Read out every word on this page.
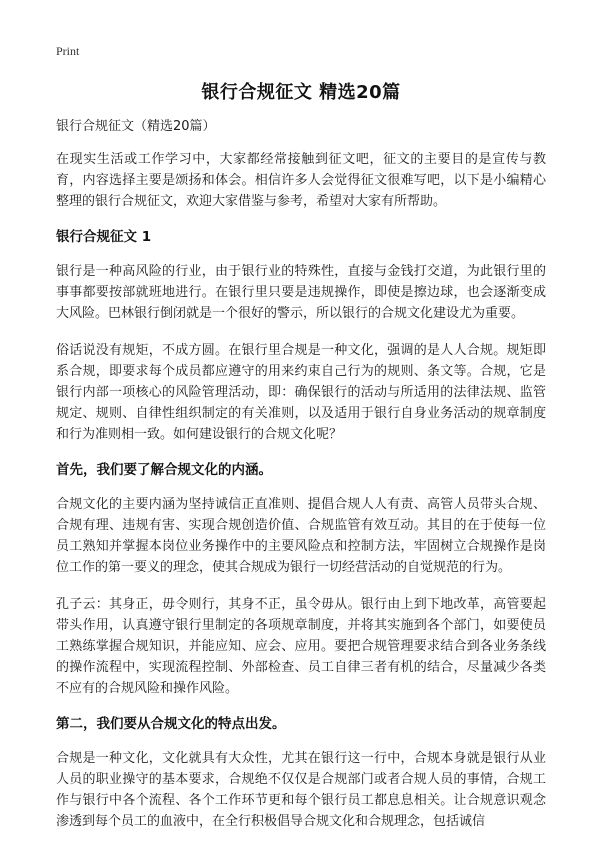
Print
银行合规征文 精选20篇
银行合规征文（精选20篇）

在现实生活或工作学习中，大家都经常接触到征文吧，征文的主要目的是宣传与教育，内容选择主要是颂扬和体会。相信许多人会觉得征文很难写吧，以下是小编精心整理的银行合规征文，欢迎大家借鉴与参考，希望对大家有所帮助。

银行合规征文 1

银行是一种高风险的行业，由于银行业的特殊性，直接与金钱打交道，为此银行里的事事都要按部就班地进行。在银行里只要是违规操作，即使是擦边球，也会逐渐变成大风险。巴林银行倒闭就是一个很好的警示，所以银行的合规文化建设尤为重要。

俗话说没有规矩，不成方圆。在银行里合规是一种文化，强调的是人人合规。规矩即系合规，即要求每个成员都应遵守的用来约束自己行为的规则、条文等。合规，它是银行内部一项核心的风险管理活动，即：确保银行的活动与所适用的法律法规、监管规定、规则、自律性组织制定的有关准则，以及适用于银行自身业务活动的规章制度和行为准则相一致。如何建设银行的合规文化呢？

首先，我们要了解合规文化的内涵。

合规文化的主要内涵为坚持诚信正直准则、提倡合规人人有责、高管人员带头合规、合规有理、违规有害、实现合规创造价值、合规监管有效互动。其目的在于使每一位员工熟知并掌握本岗位业务操作中的主要风险点和控制方法，牢固树立合规操作是岗位工作的第一要义的理念，使其合规成为银行一切经营活动的自觉规范的行为。

孔子云：其身正，毋令则行，其身不正，虽令毋从。银行由上到下地改革，高管要起带头作用，认真遵守银行里制定的各项规章制度，并将其实施到各个部门，如要使员工熟练掌握合规知识，并能应知、应会、应用。要把合规管理要求结合到各业务条线的操作流程中，实现流程控制、外部检查、员工自律三者有机的结合，尽量减少各类不应有的合规风险和操作风险。

第二，我们要从合规文化的特点出发。

合规是一种文化，文化就具有大众性，尤其在银行这一行中，合规本身就是银行从业人员的职业操守的基本要求，合规绝不仅仅是合规部门或者合规人员的事情，合规工作与银行中各个流程、各个工作环节更和每个银行员工都息息相关。让合规意识观念渗透到每个员工的血液中，在全行积极倡导合规文化和合规理念，包括诚信
